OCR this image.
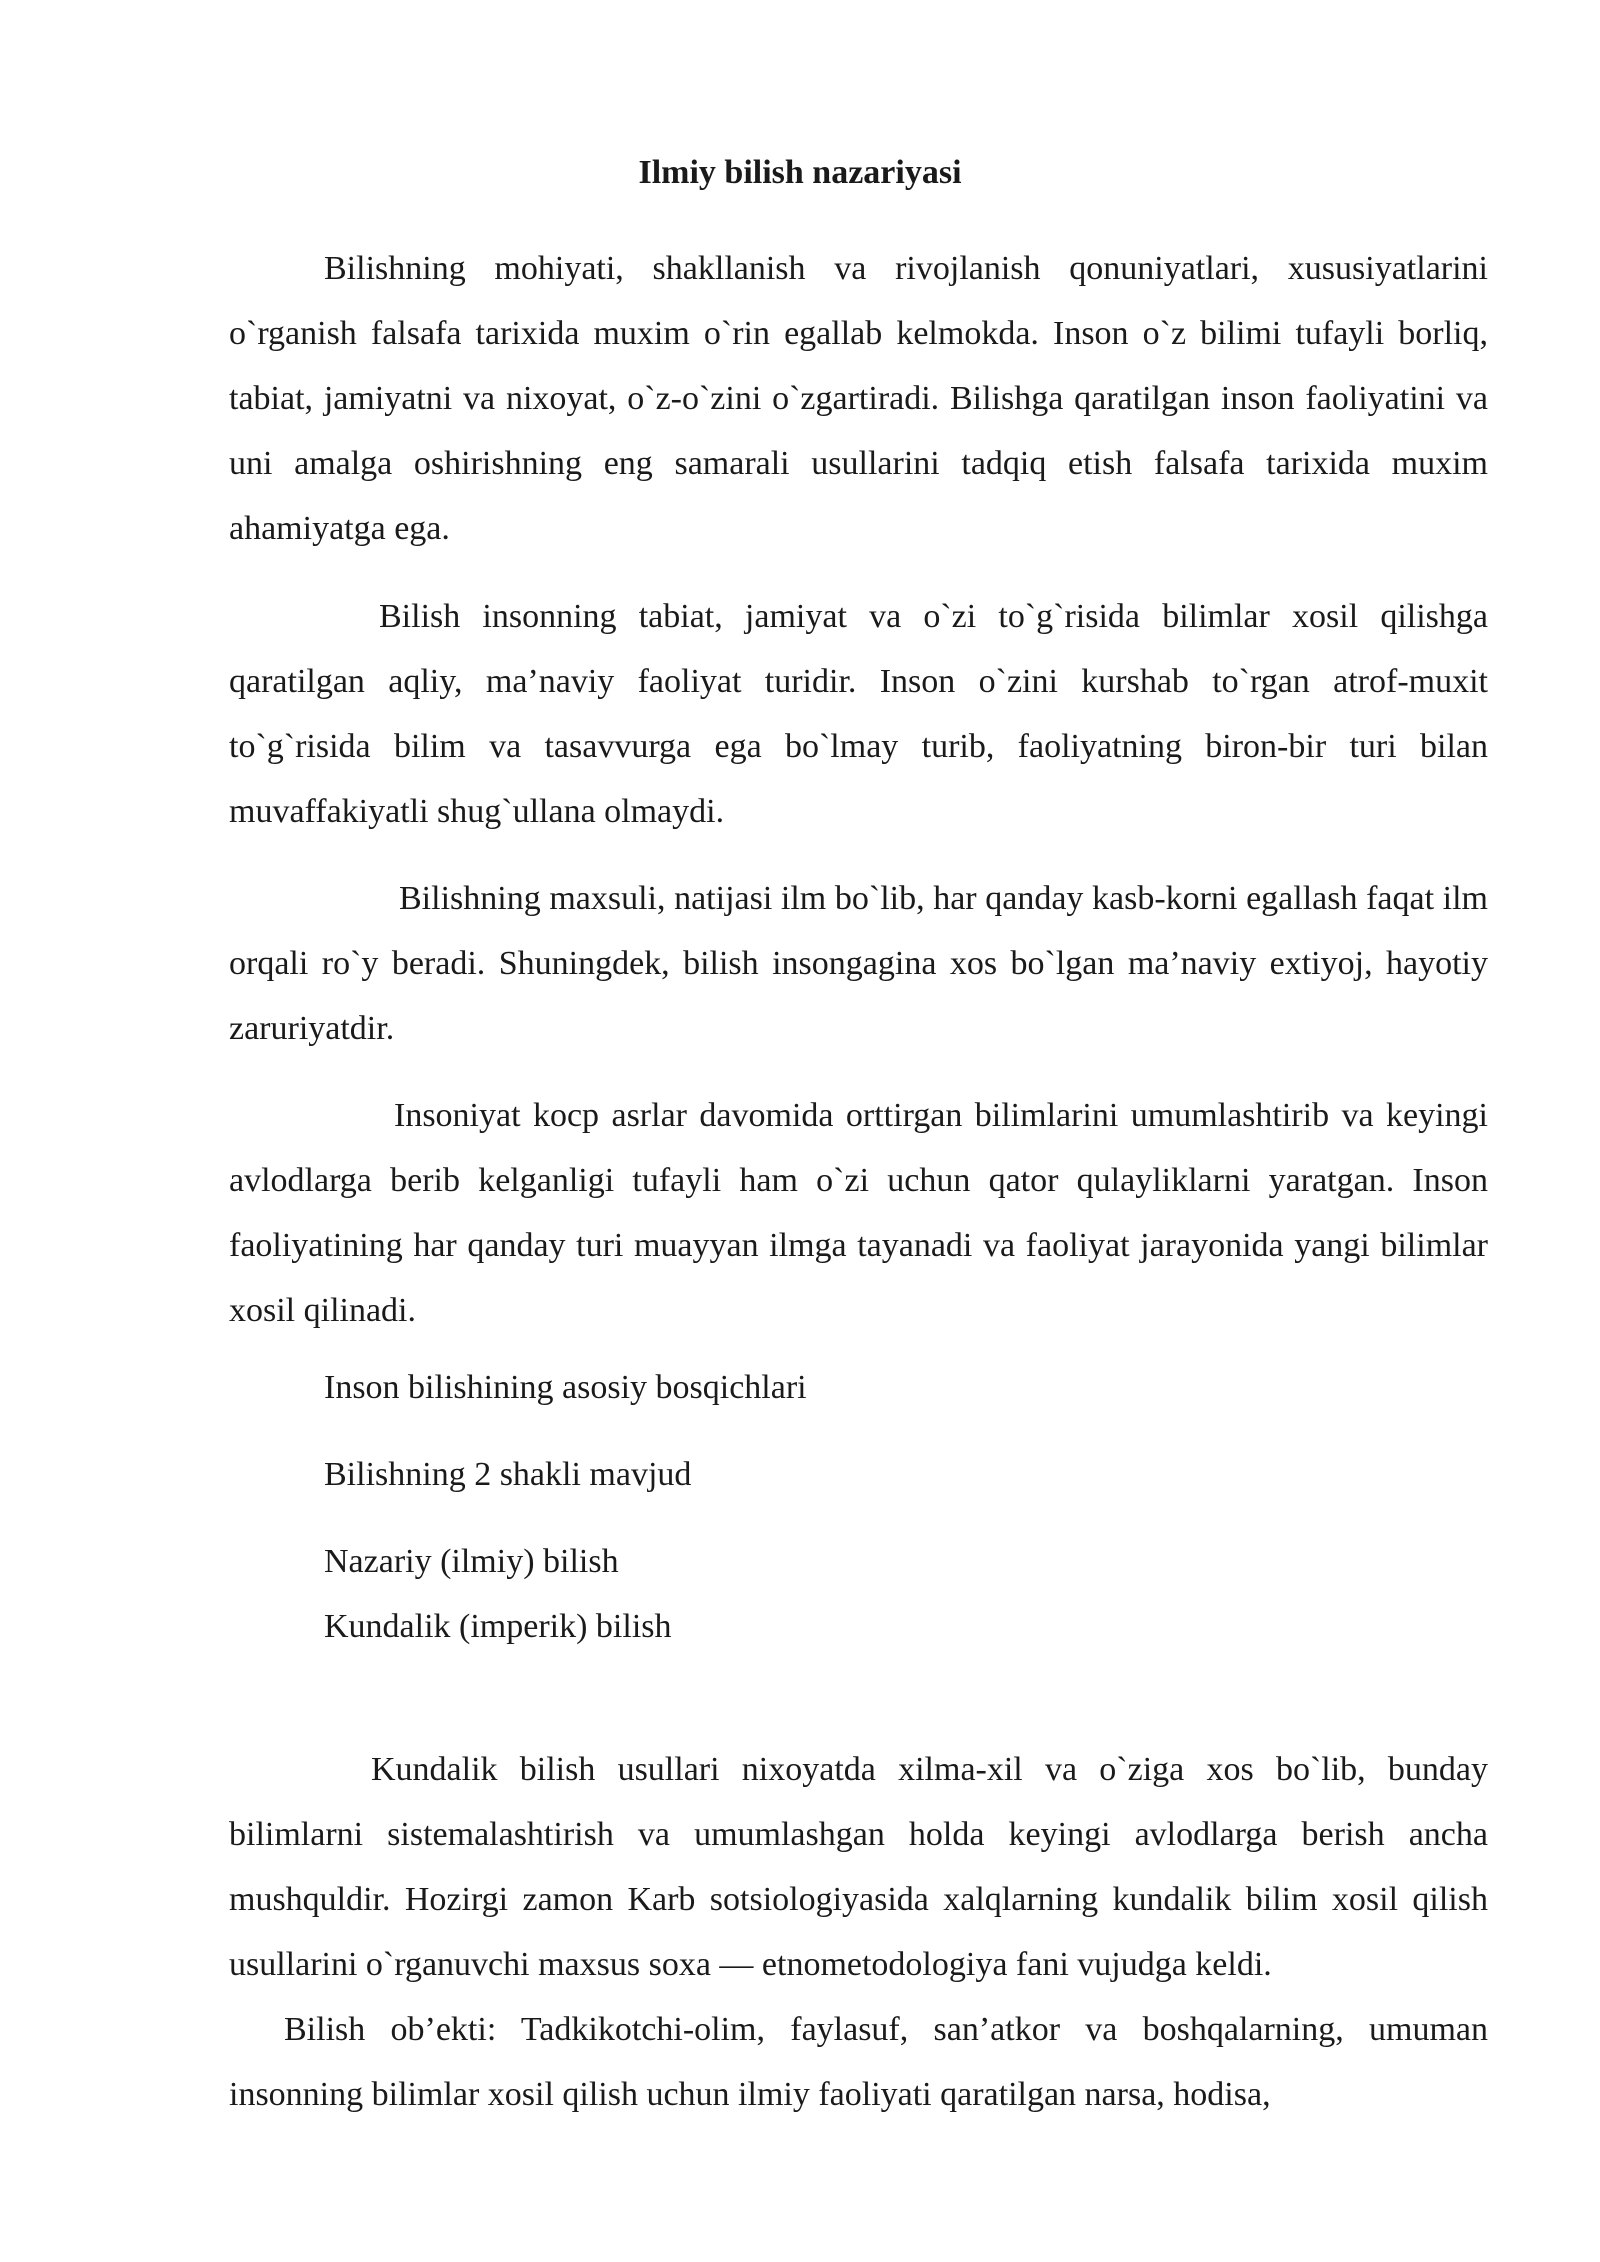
Ilmiy bilish nazariyasi

Bilishning mohiyati, shakllanish va rivojlanish qonuniyatlari, xususiyatlarini o`rganish falsafa tarixida muxim o`rin egallab kelmokda. Inson o`z bilimi tufayli borliq, tabiat, jamiyatni va nixoyat, o`z-o`zini o`zgartiradi. Bilishga qaratilgan inson faoliyatini va uni amalga oshirishning eng samarali usullarini tadqiq etish falsafa tarixida muxim ahamiyatga ega.

Bilish insonning tabiat, jamiyat va o`zi to`g`risida bilimlar xosil qilishga qaratilgan aqliy, ma’naviy faoliyat turidir. Inson o`zini kurshab to`rgan atrof-muxit to`g`risida bilim va tasavvurga ega bo`lmay turib, faoliyatning biron-bir turi bilan muvaffakiyatli shug`ullana olmaydi.

Bilishning maxsuli, natijasi ilm bo`lib, har qanday kasb-korni egallash faqat ilm orqali ro`y beradi. Shuningdek, bilish insongagina xos bo`lgan ma’naviy extiyoj, hayotiy zaruriyatdir.

Insoniyat kocp asrlar davomida orttirgan bilimlarini umumlashtirib va keyingi avlodlarga berib kelganligi tufayli ham o`zi uchun qator qulayliklarni yaratgan. Inson faoliyatining har qanday turi muayyan ilmga tayanadi va faoliyat jarayonida yangi bilimlar xosil qilinadi.

Inson bilishining asosiy bosqichlari
Bilishning 2 shakli mavjud
Nazariy (ilmiy) bilish
Kundalik (imperik) bilish

Kundalik bilish usullari nixoyatda xilma-xil va o`ziga xos bo`lib, bunday bilimlarni sistemalashtirish va umumlashgan holda keyingi avlodlarga berish ancha mushquldir. Hozirgi zamon Karb sotsiologiyasida xalqlarning kundalik bilim xosil qilish usullarini o`rganuvchi maxsus soxa — etnometodologiya fani vujudga keldi.

Bilish ob’ekti: Tadkikotchi-olim, faylasuf, san’atkor va boshqalarning, umuman insonning bilimlar xosil qilish uchun ilmiy faoliyati qaratilgan narsa, hodisa,
